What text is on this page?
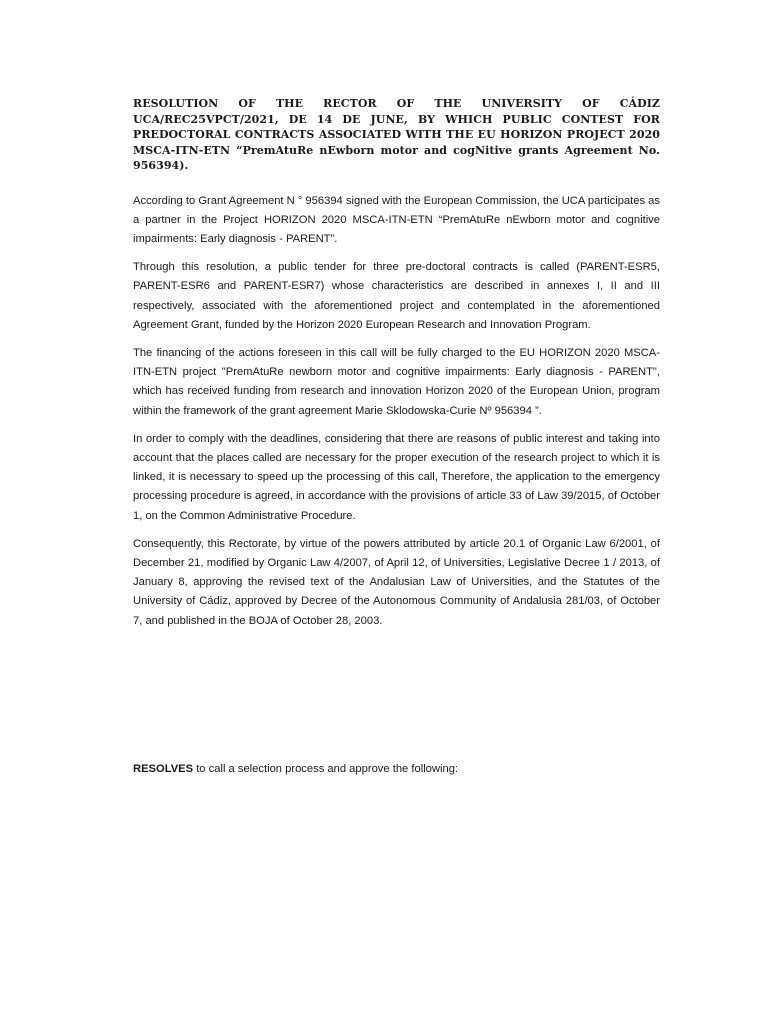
RESOLUTION OF THE RECTOR OF THE UNIVERSITY OF CÁDIZ UCA/REC25VPCT/2021, DE 14 DE JUNE, BY WHICH PUBLIC CONTEST FOR PREDOCTORAL CONTRACTS ASSOCIATED WITH THE EU HORIZON PROJECT 2020 MSCA-ITN-ETN “PremAtuRe nEwborn motor and cogNitive grants Agreement No. 956394).

According to Grant Agreement N ° 956394 signed with the European Commission, the UCA participates as a partner in the Project HORIZON 2020 MSCA-ITN-ETN “PremAtuRe nEwborn motor and cognitive impairments: Early diagnosis - PARENT”.

Through this resolution, a public tender for three pre-doctoral contracts is called (PARENT-ESR5, PARENT-ESR6 and PARENT-ESR7) whose characteristics are described in annexes I, II and III respectively, associated with the aforementioned project and contemplated in the aforementioned Agreement Grant, funded by the Horizon 2020 European Research and Innovation Program.

The financing of the actions foreseen in this call will be fully charged to the EU HORIZON 2020 MSCA-ITN-ETN project "PremAtuRe newborn motor and cognitive impairments: Early diagnosis - PARENT", which has received funding from research and innovation Horizon 2020 of the European Union, program within the framework of the grant agreement Marie Sklodowska-Curie Nº 956394 ”.

In order to comply with the deadlines, considering that there are reasons of public interest and taking into account that the places called are necessary for the proper execution of the research project to which it is linked, it is necessary to speed up the processing of this call, Therefore, the application to the emergency processing procedure is agreed, in accordance with the provisions of article 33 of Law 39/2015, of October 1, on the Common Administrative Procedure.

Consequently, this Rectorate, by virtue of the powers attributed by article 20.1 of Organic Law 6/2001, of December 21, modified by Organic Law 4/2007, of April 12, of Universities, Legislative Decree 1 / 2013, of January 8, approving the revised text of the Andalusian Law of Universities, and the Statutes of the University of Cádiz, approved by Decree of the Autonomous Community of Andalusia 281/03, of October 7, and published in the BOJA of October 28, 2003.

RESOLVES to call a selection process and approve the following:
